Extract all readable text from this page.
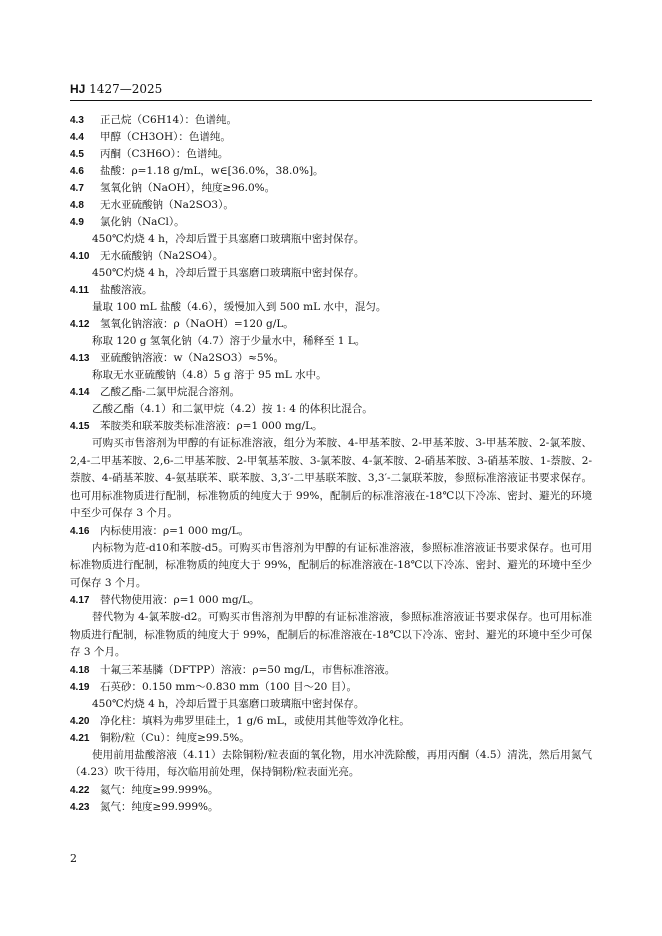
HJ 1427—2025

4.3 正己烷（C6H14）：色谱纯。

4.4 甲醇（CH3OH）：色谱纯。

4.5 丙酮（C3H6O）：色谱纯。

4.6 盐酸：ρ=1.18 g/mL，w∈[36.0%，38.0%]。

4.7 氢氧化钠（NaOH），纯度≥96.0%。

4.8 无水亚硫酸钠（Na2SO3）。

4.9 氯化钠（NaCl）。

450℃灼烧 4 h，冷却后置于具塞磨口玻璃瓶中密封保存。

4.10 无水硫酸钠（Na2SO4）。

450℃灼烧 4 h，冷却后置于具塞磨口玻璃瓶中密封保存。

4.11 盐酸溶液。

量取 100 mL 盐酸（4.6），缓慢加入到 500 mL 水中，混匀。

4.12 氢氧化钠溶液：ρ（NaOH）=120 g/L。

称取 120 g 氢氧化钠（4.7）溶于少量水中，稀释至 1 L。

4.13 亚硫酸钠溶液：w（Na2SO3）≈5%。

称取无水亚硫酸钠（4.8）5 g 溶于 95 mL 水中。

4.14 乙酸乙酯-二氯甲烷混合溶剂。

乙酸乙酯（4.1）和二氯甲烷（4.2）按 1: 4 的体积比混合。

4.15 苯胺类和联苯胺类标准溶液：ρ=1 000 mg/L。

可购买市售溶剂为甲醇的有证标准溶液，组分为苯胺、4-甲基苯胺、2-甲基苯胺、3-甲基苯胺、2-氯苯胺、2,4-二甲基苯胺、2,6-二甲基苯胺、2-甲氧基苯胺、3-氯苯胺、4-氯苯胺、2-硝基苯胺、3-硝基苯胺、1-萘胺、2-萘胺、4-硝基苯胺、4-氨基联苯、联苯胺、3,3′-二甲基联苯胺、3,3′-二氯联苯胺，参照标准溶液证书要求保存。也可用标准物质进行配制，标准物质的纯度大于 99%，配制后的标准溶液在-18℃以下冷冻、密封、避光的环境中至少可保存 3 个月。

4.16 内标使用液：ρ=1 000 mg/L。

内标物为苊-d10和苯胺-d5。可购买市售溶剂为甲醇的有证标准溶液，参照标准溶液证书要求保存。也可用标准物质进行配制，标准物质的纯度大于 99%，配制后的标准溶液在-18℃以下冷冻、密封、避光的环境中至少可保存 3 个月。

4.17 替代物使用液：ρ=1 000 mg/L。

替代物为 4-氯苯胺-d2。可购买市售溶剂为甲醇的有证标准溶液，参照标准溶液证书要求保存。也可用标准物质进行配制，标准物质的纯度大于 99%，配制后的标准溶液在-18℃以下冷冻、密封、避光的环境中至少可保存 3 个月。

4.18 十氟三苯基膦（DFTPP）溶液：ρ=50 mg/L，市售标准溶液。

4.19 石英砂：0.150 mm～0.830 mm（100 目～20 目）。

450℃灼烧 4 h，冷却后置于具塞磨口玻璃瓶中密封保存。

4.20 净化柱：填料为弗罗里硅土，1 g/6 mL，或使用其他等效净化柱。

4.21 铜粉/粒（Cu）：纯度≥99.5%。

使用前用盐酸溶液（4.11）去除铜粉/粒表面的氧化物，用水冲洗除酸，再用丙酮（4.5）清洗，然后用氮气（4.23）吹干待用，每次临用前处理，保持铜粉/粒表面光亮。

4.22 氦气：纯度≥99.999%。

4.23 氮气：纯度≥99.999%。

2
